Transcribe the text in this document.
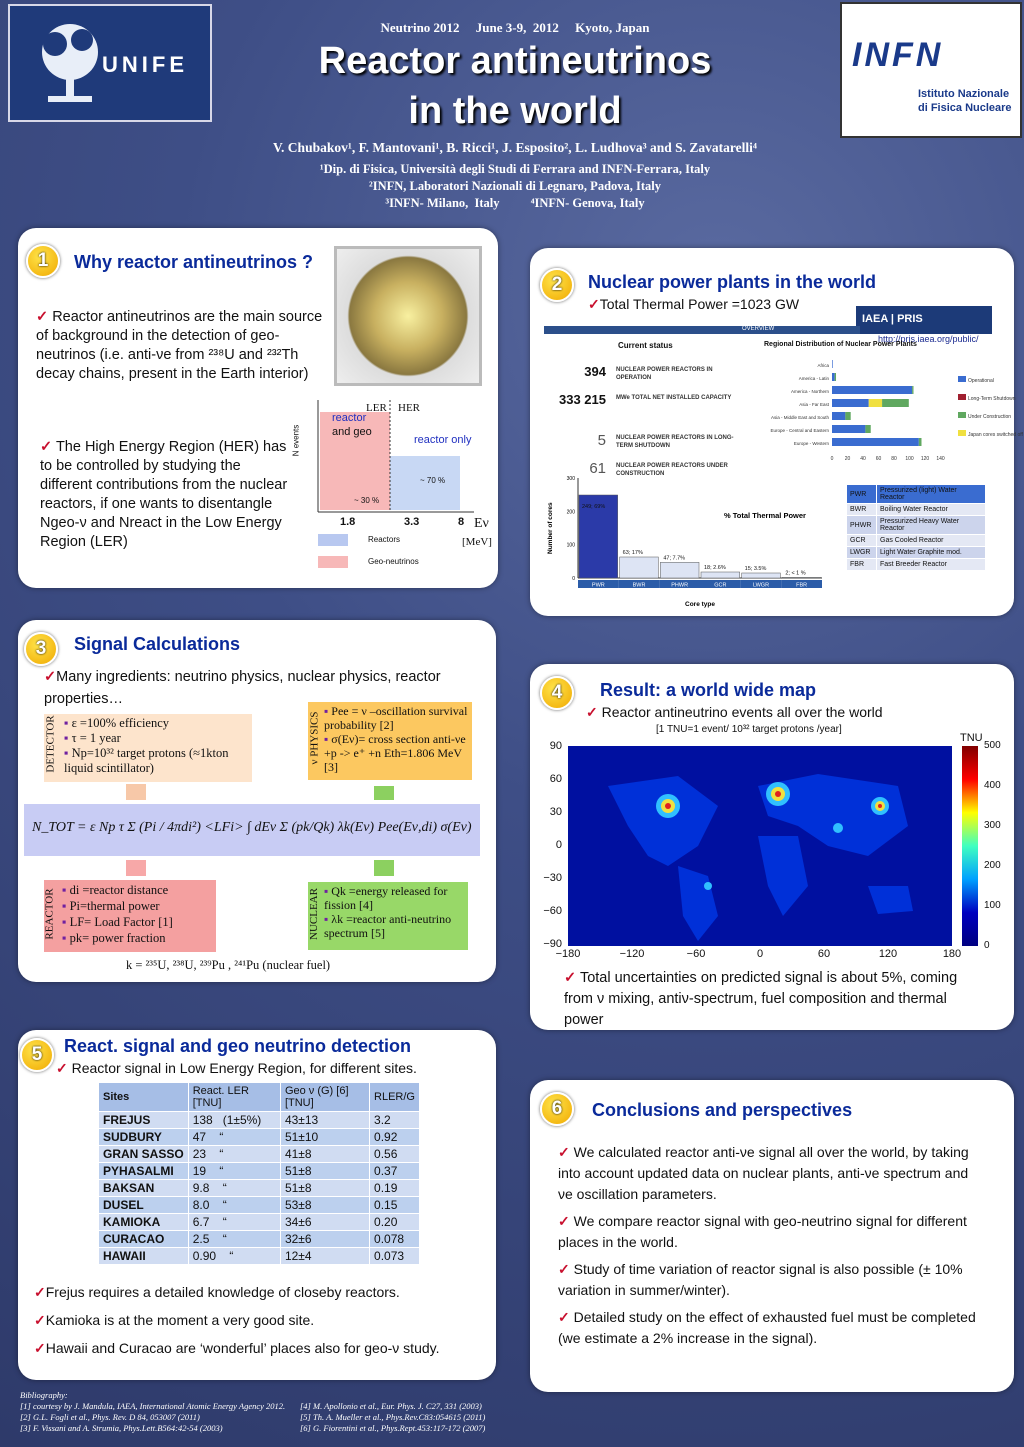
UNIFE	INFN
Istituto Nazionale
di Fisica Nucleare
Neutrino 2012     June 3-9,  2012     Kyoto, Japan
Reactor antineutrinos
in the world
V. Chubakov¹, F. Mantovani¹, B. Ricci¹, J. Esposito², L. Ludhova³ and S. Zavatarelli⁴
¹Dip. di Fisica, Università degli Studi di Ferrara and INFN-Ferrara, Italy
²INFN, Laboratori Nazionali di Legnaro, Padova, Italy
³INFN- Milano,  Italy          ⁴INFN- Genova, Italy
Why reactor antineutrinos ?
✓ Reactor antineutrinos are the main source of background in the detection of geo-neutrinos (i.e. anti-νe from ²³⁸U and ²³²Th decay chains, present in the Earth interior)
✓ The High Energy Region (HER) has to be controlled by studying the different contributions from the nuclear reactors, if one wants to disentangle Ngeo-ν and Nreact in the Low Energy Region (LER)
N events
LER HER
reactor
and geo
reactor only
~ 70 %
~ 30 %
1.8	3.3	8 Eν
[MeV]
Reactors
Geo-neutrinos
1
Nuclear power plants in the world
✓Total Thermal Power =1023 GW
IAEA | PRIS
http://pris.iaea.org/public/
OVERVIEW
Current status	Regional Distribution of Nuclear Power Plants
394 NUCLEAR POWER REACTORS IN OPERATION
333 215 MWe TOTAL NET INSTALLED CAPACITY
5 NUCLEAR POWER REACTORS IN LONG-TERM SHUTDOWN
61 NUCLEAR POWER REACTORS UNDER CONSTRUCTION
Africa
America - Latin
America - Northern
Asia - Far East
Asia - Middle East and South
Europe - Central and Eastern
Europe - Western
0 20 40 60 80 100 120 140
Operational
Long-Term Shutdown
Under Construction
Japan cores switched off
0
100
200
300
249; 69%
PWR
63; 17%
BWR
47; 7.7%
PHWR
18; 2.6%
GCR
15; 3.5%
LWGR
2; < 1 %
FBR
% Total Thermal Power
Core type
Number of cores
PWR	Pressurized (light) Water Reactor
BWR	Boiling Water Reactor
PHWR	Pressurized Heavy Water Reactor
GCR	Gas Cooled Reactor
LWGR	Light Water Graphite mod.
FBR	Fast Breeder Reactor
2
Signal Calculations
✓Many ingredients: neutrino physics, nuclear physics, reactor properties…
DETECTOR ▪ ε =100% efficiency
▪ τ = 1 year
▪ Np=10³² target protons (≈1kton liquid scintillator)
ν PHYSICS
▪ Pee = ν –oscillation survival probability [2]
▪ σ(Eν)= cross section anti-νe +p -> e⁺ +n Eth=1.806 MeV [3]
N_TOT = ε Np τ Σ (Pi / 4πdi²) <LFi> ∫ dEν Σ (pk/Qk) λk(Eν) Pee(Eν,di) σ(Eν)
REACTOR ▪ di =reactor distance
▪ Pi=thermal power
▪ LF= Load Factor [1]
▪ pk= power fraction	NUCLEAR ▪ Qk =energy released for fission [4]
▪ λk =reactor anti-neutrino spectrum [5]
k = ²³⁵U, ²³⁸U, ²³⁹Pu , ²⁴¹Pu (nuclear fuel)
3
Result: a world wide map
✓ Reactor antineutrino events all over the world
[1 TNU=1 event/ 10³² target protons /year]
TNU
✓ Total uncertainties on predicted signal is about 5%, coming from ν mixing, antiν-spectrum, fuel composition and thermal power
90
60
30
0
−30
−60
−90
−180	−120	−60	0	60	120	180
500
400
300
200
100
0
4
React. signal and geo neutrino detection
✓ Reactor signal in Low Energy Region, for different sites.
Sites	React. LER [TNU]	Geo ν (G) [6] [TNU]	RLER/G
FREJUS	138   (1±5%)	43±13	3.2
SUDBURY	47    “	51±10	0.92
GRAN SASSO	23    “	41±8	0.56
PYHASALMI	19    “	51±8	0.37
BAKSAN	9.8    “	51±8	0.19
DUSEL	8.0    “	53±8	0.15
KAMIOKA	6.7    “	34±6	0.20
CURACAO	2.5    “	32±6	0.078
HAWAII	0.90    “	12±4	0.073
✓Frejus requires a detailed knowledge of closeby reactors.
✓Kamioka is at the moment a very good site.
✓Hawaii and Curacao are ‘wonderful’ places also for geo-ν study.
5
Conclusions and perspectives
✓ We calculated reactor anti-νe signal all over the world, by taking into account updated data on nuclear plants, anti-νe spectrum and νe oscillation parameters.
✓ We compare reactor signal with geo-neutrino signal for different places in the world.
✓ Study of time variation of reactor signal is also possible (± 10% variation in summer/winter).
✓ Detailed study on the effect of exhausted fuel must be completed (we estimate a 2% increase in the signal).
6
Bibliography:
[1] courtesy by J. Mandula, IAEA, International Atomic Energy Agency 2012.
[2] G.L. Fogli et al., Phys. Rev. D 84, 053007 (2011)
[3] F. Vissani and A. Strumia, Phys.Lett.B564:42-54 (2003)
[4] M. Apollonio et al., Eur. Phys. J. C27, 331 (2003)
[5] Th. A. Mueller et al., Phys.Rev.C83:054615 (2011)
[6] G. Fiorentini et al., Phys.Rept.453:117-172 (2007)
